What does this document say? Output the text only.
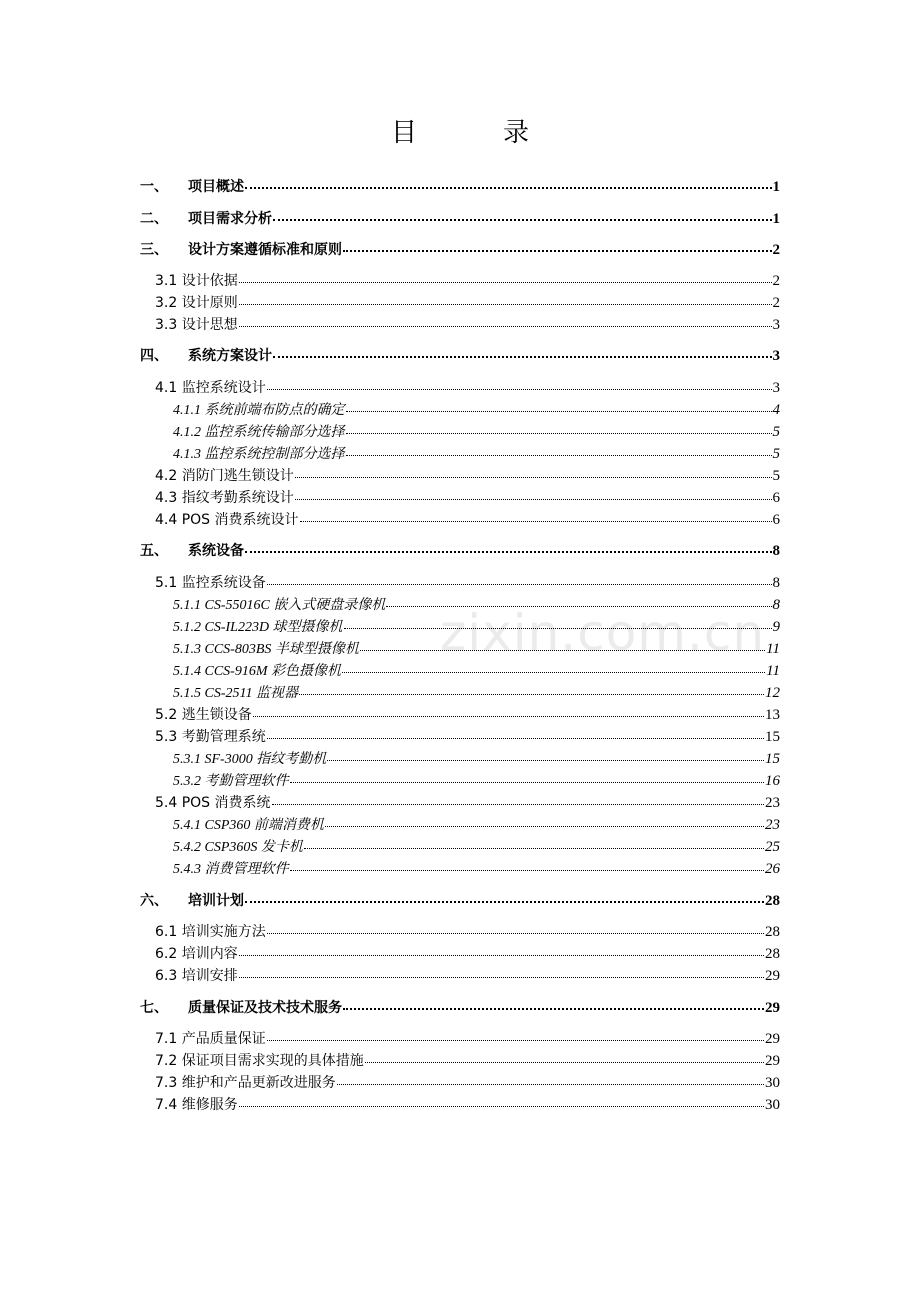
目　录
zixin.com.cn
一、 项目概述	1
二、 项目需求分析	1
三、 设计方案遵循标准和原则	2
3.1 设计依据	2
3.2 设计原则	2
3.3 设计思想	3
四、 系统方案设计	3
4.1 监控系统设计	3
4.1.1 系统前端布防点的确定	4
4.1.2 监控系统传输部分选择	5
4.1.3 监控系统控制部分选择	5
4.2 消防门逃生锁设计	5
4.3 指纹考勤系统设计	6
4.4 POS 消费系统设计	6
五、 系统设备	8
5.1 监控系统设备	8
5.1.1 CS-55016C 嵌入式硬盘录像机	8
5.1.2 CS-IL223D 球型摄像机	9
5.1.3 CCS-803BS 半球型摄像机	11
5.1.4 CCS-916M 彩色摄像机	11
5.1.5 CS-2511 监视器	12
5.2 逃生锁设备	13
5.3 考勤管理系统	15
5.3.1 SF-3000 指纹考勤机	15
5.3.2 考勤管理软件	16
5.4 POS 消费系统	23
5.4.1 CSP360 前端消费机	23
5.4.2 CSP360S 发卡机	25
5.4.3 消费管理软件	26
六、 培训计划	28
6.1 培训实施方法	28
6.2 培训内容	28
6.3 培训安排	29
七、 质量保证及技术技术服务	29
7.1 产品质量保证	29
7.2 保证项目需求实现的具体措施	29
7.3 维护和产品更新改进服务	30
7.4 维修服务	30
